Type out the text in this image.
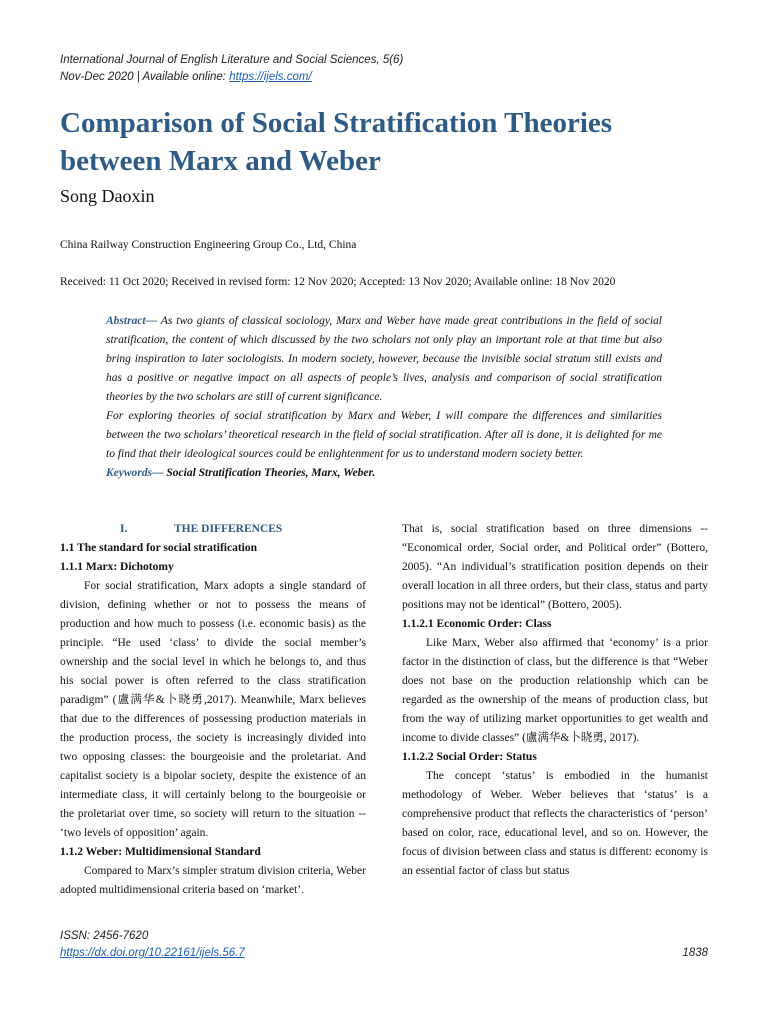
International Journal of English Literature and Social Sciences, 5(6)
Nov-Dec 2020 | Available online: https://ijels.com/
Comparison of Social Stratification Theories between Marx and Weber
Song Daoxin
China Railway Construction Engineering Group Co., Ltd, China
Received: 11 Oct 2020; Received in revised form: 12 Nov 2020; Accepted: 13 Nov 2020; Available online: 18 Nov 2020

Abstract— As two giants of classical sociology, Marx and Weber have made great contributions in the field of social stratification, the content of which discussed by the two scholars not only play an important role at that time but also bring inspiration to later sociologists. In modern society, however, because the invisible social stratum still exists and has a positive or negative impact on all aspects of people’s lives, analysis and comparison of social stratification theories by the two scholars are still of current significance.

For exploring theories of social stratification by Marx and Weber, I will compare the differences and similarities between the two scholars’ theoretical research in the field of social stratification. After all is done, it is delighted for me to find that their ideological sources could be enlightenment for us to understand modern society better.

Keywords— Social Stratification Theories, Marx, Weber.

I.	THE DIFFERENCES
1.1 The standard for social stratification
1.1.1 Marx: Dichotomy

For social stratification, Marx adopts a single standard of division, defining whether or not to possess the means of production and how much to possess (i.e. economic basis) as the principle. “He used ‘class’ to divide the social member’s ownership and the social level in which he belongs to, and thus his social power is often referred to the class stratification paradigm” (盧满华&卜晓勇,2017). Meanwhile, Marx believes that due to the differences of possessing production materials in the production process, the society is increasingly divided into two opposing classes: the bourgeoisie and the proletariat. And capitalist society is a bipolar society, despite the existence of an intermediate class, it will certainly belong to the bourgeoisie or the proletariat over time, so society will return to the situation -- ‘two levels of opposition’ again.

1.1.2 Weber: Multidimensional Standard

Compared to Marx’s simpler stratum division criteria, Weber adopted multidimensional criteria based on ‘market’.

That is, social stratification based on three dimensions -- “Economical order, Social order, and Political order” (Bottero, 2005). “An individual’s stratification position depends on their overall location in all three orders, but their class, status and party positions may not be identical” (Bottero, 2005).

1.1.2.1 Economic Order: Class

Like Marx, Weber also affirmed that ‘economy’ is a prior factor in the distinction of class, but the difference is that “Weber does not base on the production relationship which can be regarded as the ownership of the means of production class, but from the way of utilizing market opportunities to get wealth and income to divide classes” (盧满华&卜晓勇, 2017).

1.1.2.2 Social Order: Status

The concept ‘status’ is embodied in the humanist methodology of Weber. Weber believes that ‘status’ is a comprehensive product that reflects the characteristics of ‘person’ based on color, race, educational level, and so on. However, the focus of division between class and status is different: economy is an essential factor of class but status

ISSN: 2456-7620
https://dx.doi.org/10.22161/ijels.56.7	1838
